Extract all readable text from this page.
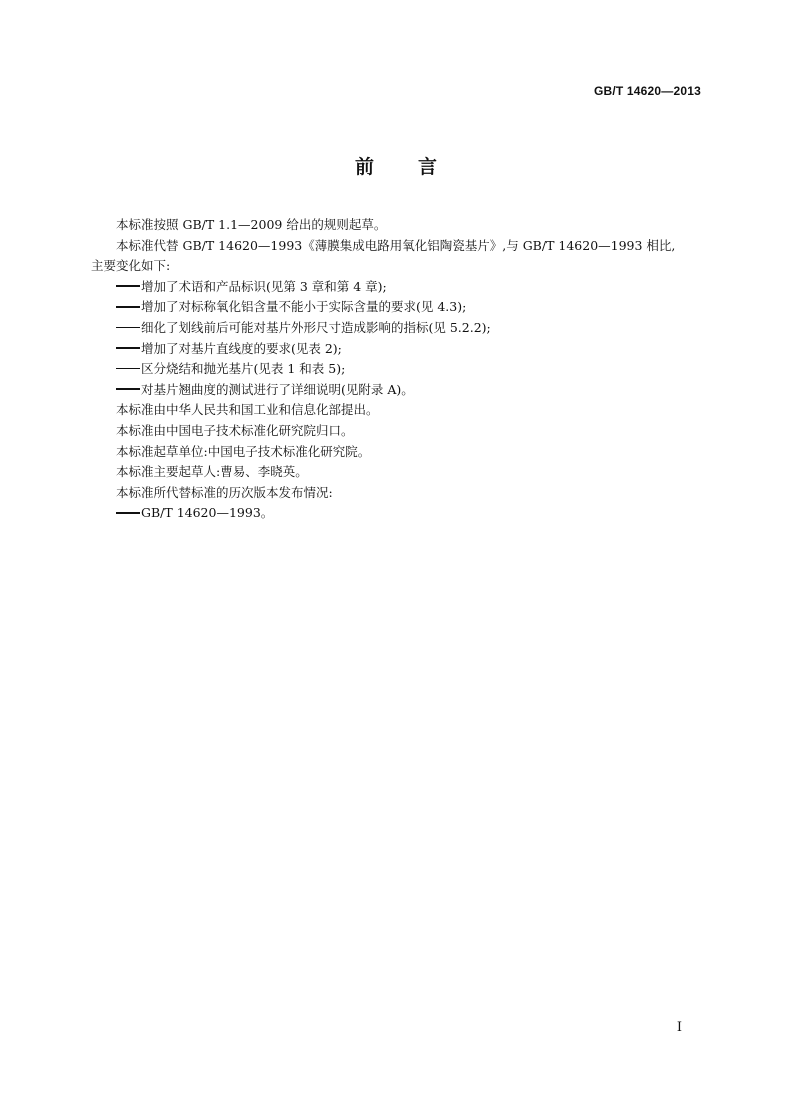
GB/T 14620—2013
前 言

本标准按照 GB/T 1.1—2009 给出的规则起草。

本标准代替 GB/T 14620—1993《薄膜集成电路用氧化铝陶瓷基片》,与 GB/T 14620—1993 相比,

主要变化如下:

增加了术语和产品标识(见第 3 章和第 4 章);

增加了对标称氧化铝含量不能小于实际含量的要求(见 4.3);

细化了划线前后可能对基片外形尺寸造成影响的指标(见 5.2.2);

增加了对基片直线度的要求(见表 2);

区分烧结和抛光基片(见表 1 和表 5);

对基片翘曲度的测试进行了详细说明(见附录 A)。

本标准由中华人民共和国工业和信息化部提出。

本标准由中国电子技术标准化研究院归口。

本标准起草单位:中国电子技术标准化研究院。

本标准主要起草人:曹易、李晓英。

本标准所代替标准的历次版本发布情况:

GB/T 14620—1993。

I
